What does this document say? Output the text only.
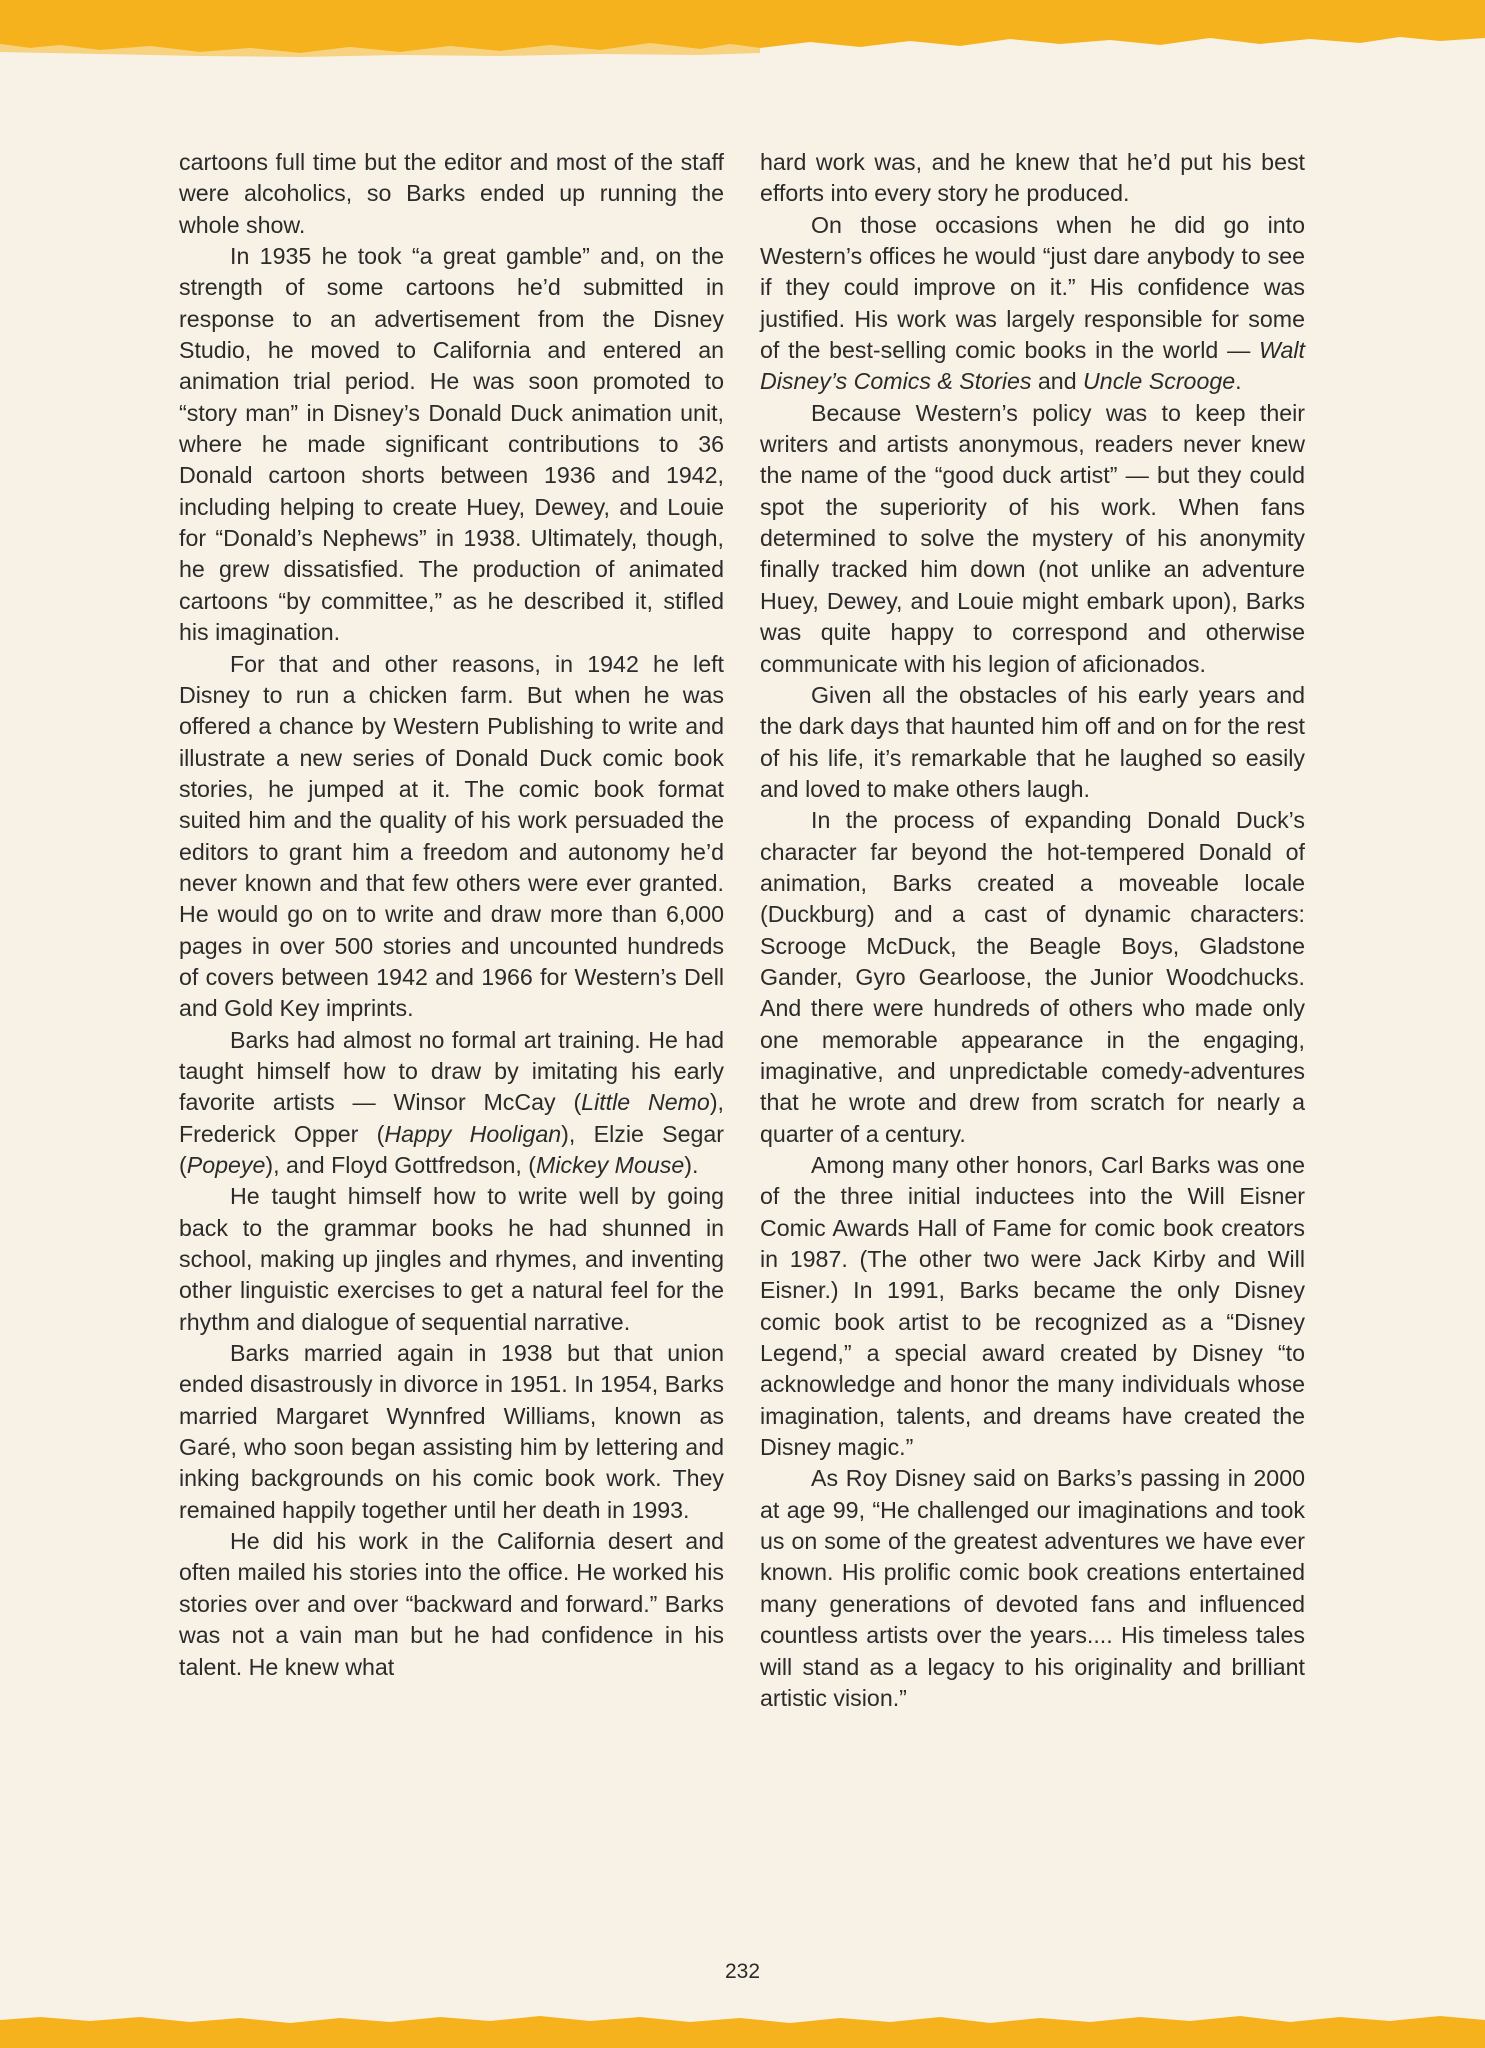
cartoons full time but the editor and most of the staff were alcoholics, so Barks ended up running the whole show.

In 1935 he took “a great gamble” and, on the strength of some cartoons he’d submitted in response to an advertisement from the Disney Studio, he moved to California and entered an animation trial period. He was soon promoted to “story man” in Disney’s Donald Duck animation unit, where he made significant contributions to 36 Donald cartoon shorts between 1936 and 1942, including helping to create Huey, Dewey, and Louie for “Donald’s Nephews” in 1938. Ultimately, though, he grew dissatisfied. The production of animated cartoons “by committee,” as he described it, stifled his imagination.

For that and other reasons, in 1942 he left Disney to run a chicken farm. But when he was offered a chance by Western Publishing to write and illustrate a new series of Donald Duck comic book stories, he jumped at it. The comic book format suited him and the quality of his work persuaded the editors to grant him a freedom and autonomy he’d never known and that few others were ever granted. He would go on to write and draw more than 6,000 pages in over 500 stories and uncounted hundreds of covers between 1942 and 1966 for Western’s Dell and Gold Key imprints.

Barks had almost no formal art training. He had taught himself how to draw by imitating his early favorite artists — Winsor McCay (Little Nemo), Frederick Opper (Happy Hooligan), Elzie Segar (Popeye), and Floyd Gottfredson, (Mickey Mouse).

He taught himself how to write well by going back to the grammar books he had shunned in school, making up jingles and rhymes, and inventing other linguistic exercises to get a natural feel for the rhythm and dialogue of sequential narrative.

Barks married again in 1938 but that union ended disastrously in divorce in 1951. In 1954, Barks married Margaret Wynnfred Williams, known as Garé, who soon began assisting him by lettering and inking backgrounds on his comic book work. They remained happily together until her death in 1993.

He did his work in the California desert and often mailed his stories into the office. He worked his stories over and over “backward and forward.” Barks was not a vain man but he had confidence in his talent. He knew what

hard work was, and he knew that he’d put his best efforts into every story he produced.

On those occasions when he did go into Western’s offices he would “just dare anybody to see if they could improve on it.” His confidence was justified. His work was largely responsible for some of the best-selling comic books in the world — Walt Disney’s Comics & Stories and Uncle Scrooge.

Because Western’s policy was to keep their writers and artists anonymous, readers never knew the name of the “good duck artist” — but they could spot the superiority of his work. When fans determined to solve the mystery of his anonymity finally tracked him down (not unlike an adventure Huey, Dewey, and Louie might embark upon), Barks was quite happy to correspond and otherwise communicate with his legion of aficionados.

Given all the obstacles of his early years and the dark days that haunted him off and on for the rest of his life, it’s remarkable that he laughed so easily and loved to make others laugh.

In the process of expanding Donald Duck’s character far beyond the hot-tempered Donald of animation, Barks created a moveable locale (Duckburg) and a cast of dynamic characters: Scrooge McDuck, the Beagle Boys, Gladstone Gander, Gyro Gearloose, the Junior Woodchucks. And there were hundreds of others who made only one memorable appearance in the engaging, imaginative, and unpredictable comedy-adventures that he wrote and drew from scratch for nearly a quarter of a century.

Among many other honors, Carl Barks was one of the three initial inductees into the Will Eisner Comic Awards Hall of Fame for comic book creators in 1987. (The other two were Jack Kirby and Will Eisner.) In 1991, Barks became the only Disney comic book artist to be recognized as a “Disney Legend,” a special award created by Disney “to acknowledge and honor the many individuals whose imagination, talents, and dreams have created the Disney magic.”

As Roy Disney said on Barks’s passing in 2000 at age 99, “He challenged our imaginations and took us on some of the greatest adventures we have ever known. His prolific comic book creations entertained many generations of devoted fans and influenced countless artists over the years.... His timeless tales will stand as a legacy to his originality and brilliant artistic vision.”

232
